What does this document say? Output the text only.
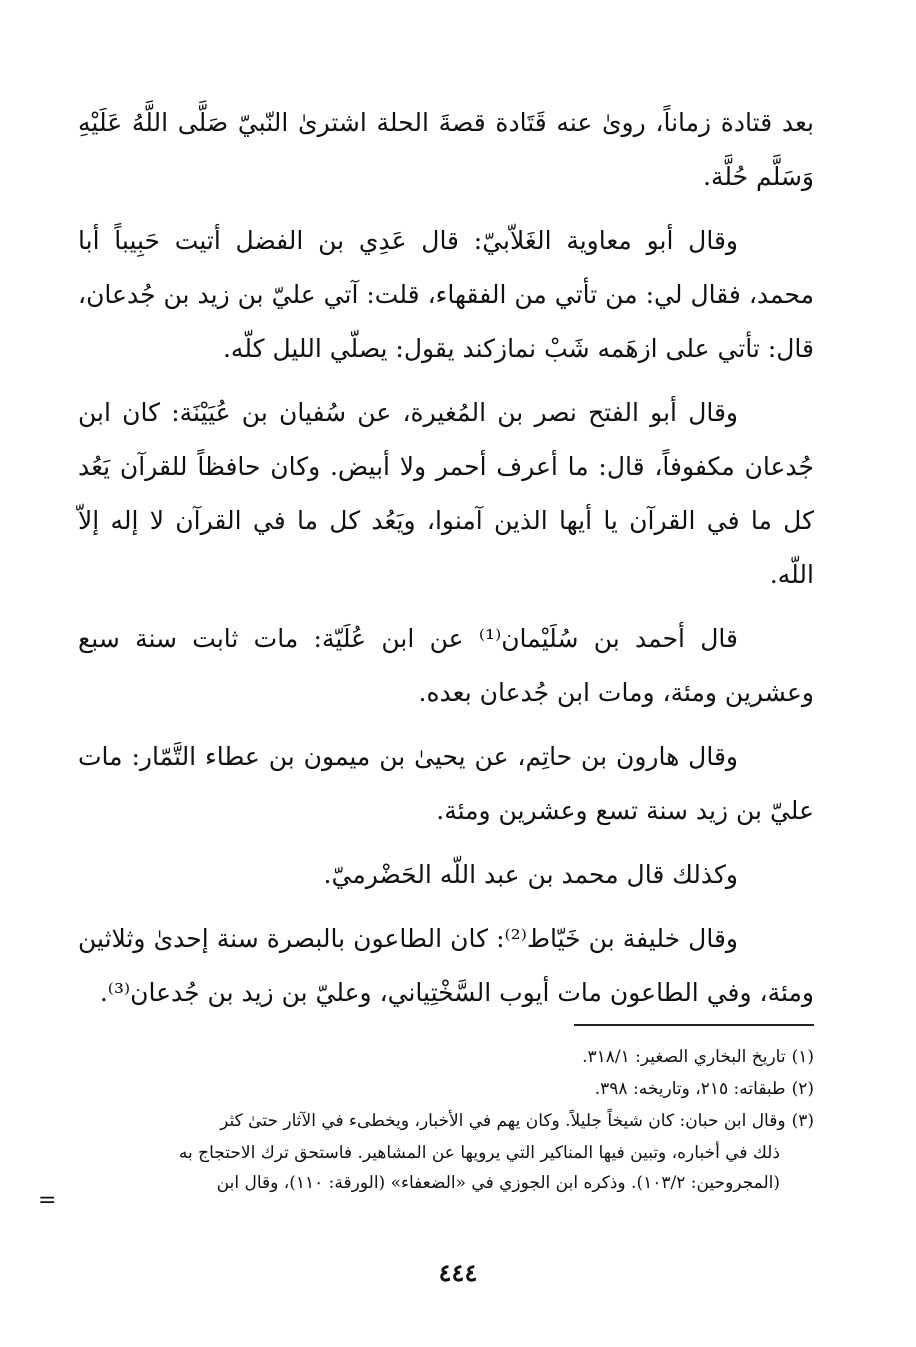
بعد قتادة زماناً، روىٰ عنه قَتَادة قصةَ الحلة اشترىٰ النّبيّ صَلَّى اللَّهُ عَلَيْهِ وَسَلَّم حُلَّة.

وقال أبو معاوية الغَلاّبيّ: قال عَدِي بن الفضل أتيت حَبِيباً أبا محمد، فقال لي: من تأتي من الفقهاء، قلت: آتي عليّ بن زيد بن جُدعان، قال: تأتي على ازهَمه شَبْ نمازكند يقول: يصلّي الليل كلّه.

وقال أبو الفتح نصر بن المُغيرة، عن سُفيان بن عُيَيْنَة: كان ابن جُدعان مكفوفاً، قال: ما أعرف أحمر ولا أبيض. وكان حافظاً للقرآن يَعُد كل ما في القرآن يا أيها الذين آمنوا، ويَعُد كل ما في القرآن لا إله إلاّ اللّه.

قال أحمد بن سُلَيْمان⁽¹⁾ عن ابن عُلَيّة: مات ثابت سنة سبع وعشرين ومئة، ومات ابن جُدعان بعده.

وقال هارون بن حاتِم، عن يحيىٰ بن ميمون بن عطاء التَّمّار: مات عليّ بن زيد سنة تسع وعشرين ومئة.

وكذلك قال محمد بن عبد اللّه الحَضْرميّ.

وقال خليفة بن خَيّاط⁽²⁾: كان الطاعون بالبصرة سنة إحدىٰ وثلاثين ومئة، وفي الطاعون مات أيوب السَّخْتِياني، وعليّ بن زيد بن جُدعان⁽³⁾.

(١)تاريخ البخاري الصغير: ٣١٨/١.

(٢)طبقاته: ٢١٥، وتاريخه: ٣٩٨.

(٣)وقال ابن حبان: كان شيخاً جليلاً. وكان يهم في الأخبار، ويخطىء في الآثار حتىٰ كثر

ذلك في أخباره، وتبين فيها المناكير التي يرويها عن المشاهير. فاستحق ترك الاحتجاج به

(المجروحين: ١٠٣/٢). وذكره ابن الجوزي في «الضعفاء» (الورقة: ١١٠)، وقال ابن

=
٤٤٤
